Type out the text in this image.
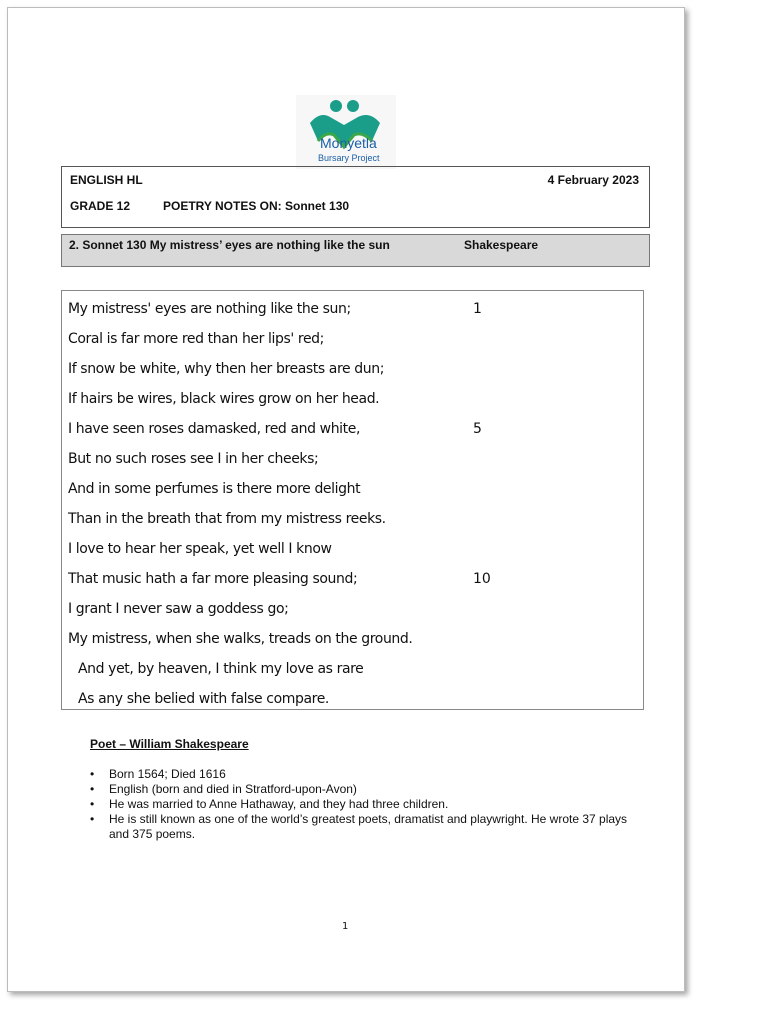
Monyetla
Bursary Project
ENGLISH HL	4 February 2023
GRADE 12	POETRY NOTES ON: Sonnet 130
2. Sonnet 130 My mistress’ eyes are nothing like the sun	Shakespeare
My mistress' eyes are nothing like the sun;	1
Coral is far more red than her lips' red;
If snow be white, why then her breasts are dun;
If hairs be wires, black wires grow on her head.
I have seen roses damasked, red and white,	5
But no such roses see I in her cheeks;
And in some perfumes is there more delight
Than in the breath that from my mistress reeks.
I love to hear her speak, yet well I know
That music hath a far more pleasing sound;	10
I grant I never saw a goddess go;
My mistress, when she walks, treads on the ground.
And yet, by heaven, I think my love as rare
As any she belied with false compare.
Poet – William Shakespeare
• Born 1564; Died 1616
• English (born and died in Stratford-upon-Avon)
• He was married to Anne Hathaway, and they had three children.
• He is still known as one of the world’s greatest poets, dramatist and playwright. He wrote 37 plays and 375 poems.
1
